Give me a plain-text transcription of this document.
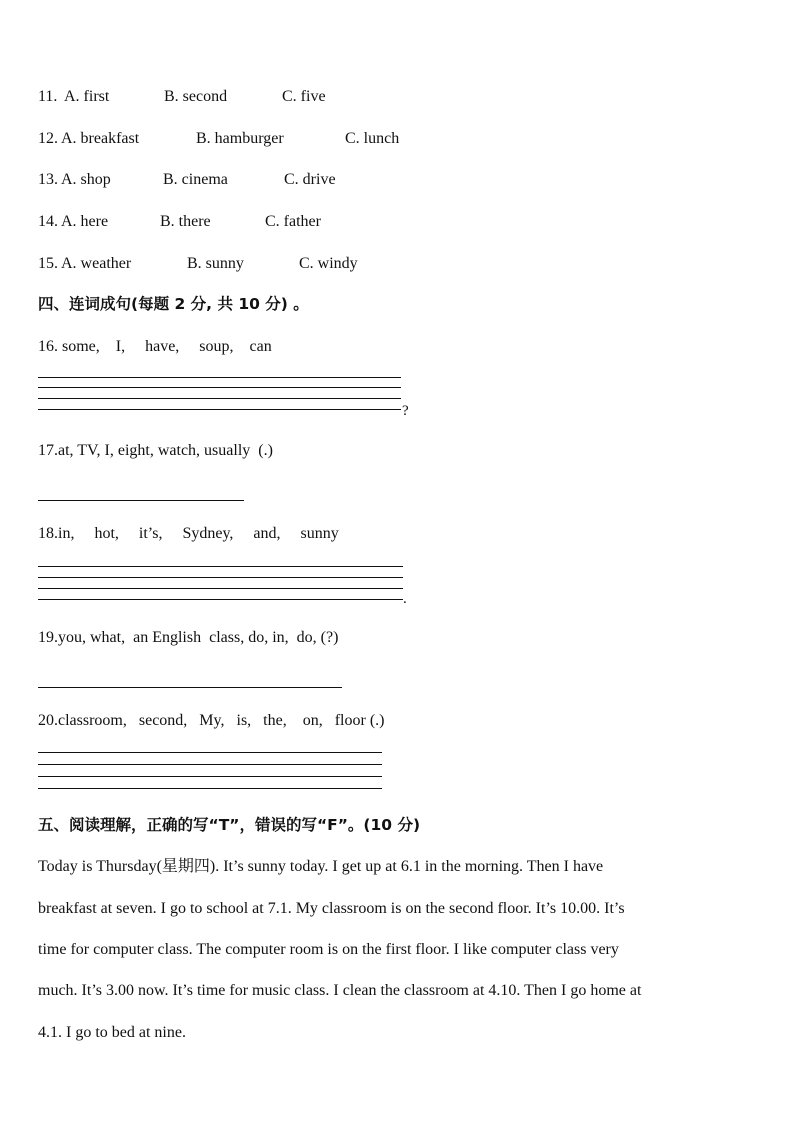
11. A. first	B. second	C. five
12. A. breakfast	B. hamburger	C. lunch
13. A. shop	B. cinema	C. drive
14. A. here	B. there	C. father
15. A. weather	B. sunny	C. windy
四、连词成句(每题 2 分, 共 10 分) 。
16. some,    I,     have,     soup,    can
?
17.at, TV, I, eight, watch, usually  (.)
18.in,     hot,     it’s,     Sydney,     and,     sunny
.
19.you, what,  an English  class, do, in,  do, (?)
20.classroom,   second,   My,   is,   the,    on,   floor (.)
五、阅读理解，正确的写“T”，错误的写“F”。(10 分)
Today is Thursday(星期四). It’s sunny today. I get up at 6.1 in the morning. Then I have
breakfast at seven. I go to school at 7.1. My classroom is on the second floor. It’s 10.00. It’s
time for computer class. The computer room is on the first floor. I like computer class very
much. It’s 3.00 now. It’s time for music class. I clean the classroom at 4.10. Then I go home at
4.1. I go to bed at nine.
